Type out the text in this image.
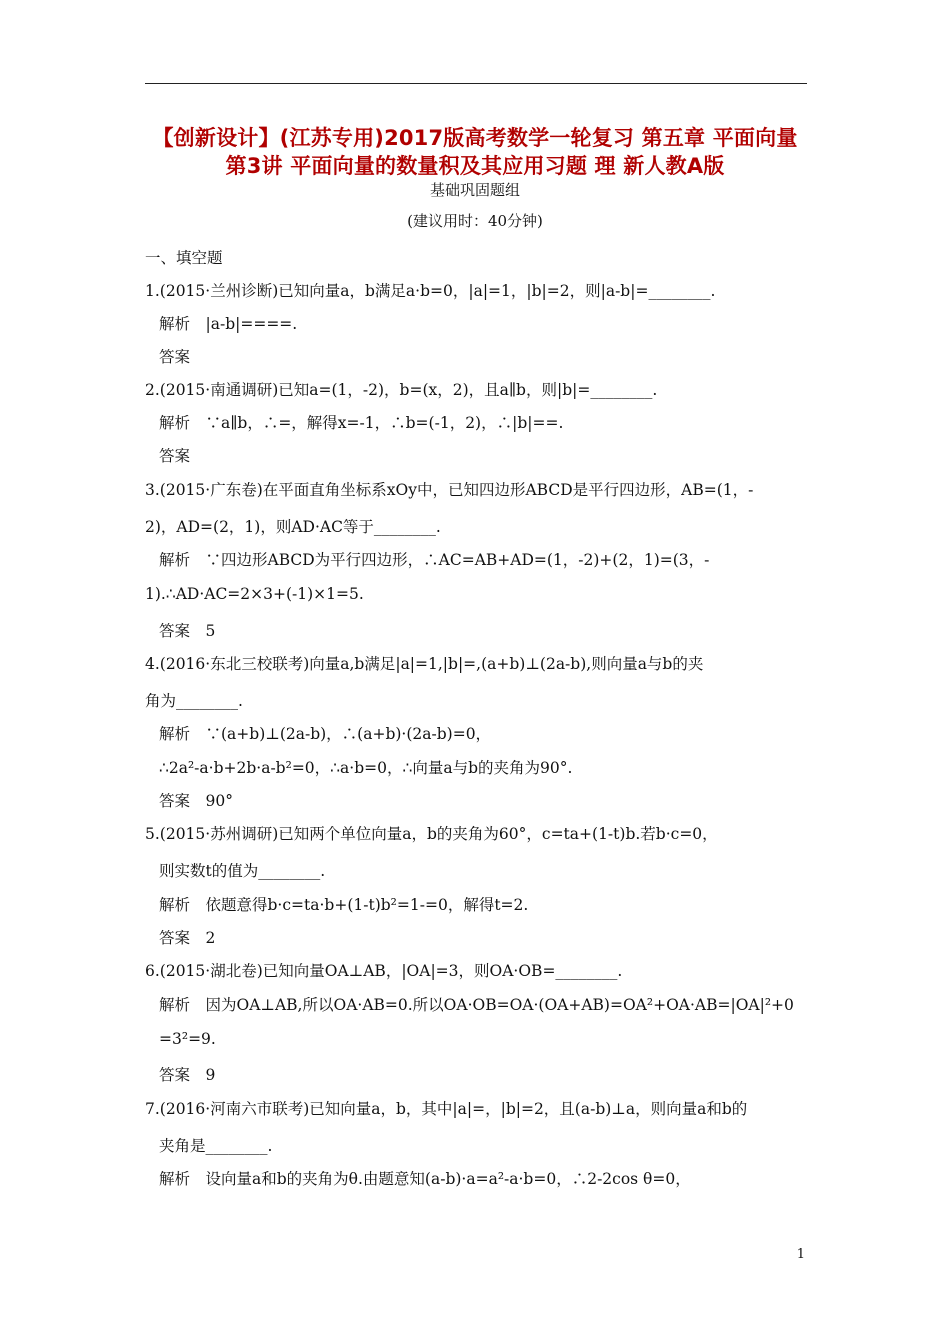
【创新设计】(江苏专用)2017版高考数学一轮复习 第五章 平面向量
第3讲 平面向量的数量积及其应用习题 理 新人教A版
基础巩固题组
(建议用时：40分钟)
一、填空题
1.(2015·兰州诊断)已知向量a，b满足a·b=0，|a|=1，|b|=2，则|a-b|=________.
解析　|a-b|====.
答案
2.(2015·南通调研)已知a=(1，-2)，b=(x，2)，且a∥b，则|b|=________.
解析　∵a∥b，∴=，解得x=-1，∴b=(-1，2)，∴|b|==.
答案
3.(2015·广东卷)在平面直角坐标系xOy中，已知四边形ABCD是平行四边形，AB=(1，-
2)，AD=(2，1)，则AD·AC等于________.
解析　∵四边形ABCD为平行四边形，∴AC=AB+AD=(1，-2)+(2，1)=(3，-
1).∴AD·AC=2×3+(-1)×1=5.
答案　5
4.(2016·东北三校联考)向量a,b满足|a|=1,|b|=,(a+b)⊥(2a-b),则向量a与b的夹
角为________.
解析　∵(a+b)⊥(2a-b)，∴(a+b)·(2a-b)=0，
∴2a²-a·b+2b·a-b²=0，∴a·b=0，∴向量a与b的夹角为90°.
答案　90°
5.(2015·苏州调研)已知两个单位向量a，b的夹角为60°，c=ta+(1-t)b.若b·c=0，
则实数t的值为________.
解析　依题意得b·c=ta·b+(1-t)b²=1-=0，解得t=2.
答案　2
6.(2015·湖北卷)已知向量OA⊥AB，|OA|=3，则OA·OB=________.
解析　因为OA⊥AB,所以OA·AB=0.所以OA·OB=OA·(OA+AB)=OA²+OA·AB=|OA|²+0
=3²=9.
答案　9
7.(2016·河南六市联考)已知向量a，b，其中|a|=，|b|=2，且(a-b)⊥a，则向量a和b的
夹角是________.
解析　设向量a和b的夹角为θ.由题意知(a-b)·a=a²-a·b=0，∴2-2cos θ=0，
1
